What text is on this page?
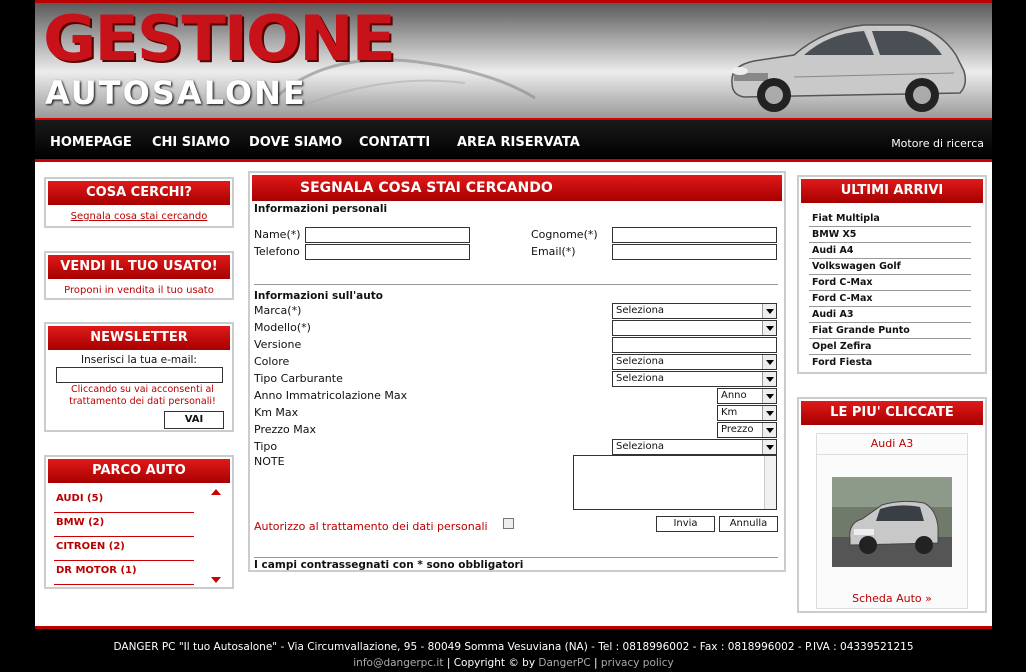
GESTIONE
AUTOSALONE
HOMEPAGE CHI SIAMO DOVE SIAMO CONTATTI AREA RISERVATA	Motore di ricerca
COSA CERCHI?
Segnala cosa stai cercando
VENDI IL TUO USATO!
Proponi in vendita il tuo usato
NEWSLETTER
Inserisci la tua e-mail:
Cliccando su vai acconsenti al trattamento dei dati personali!
VAI
PARCO AUTO
AUDI (5)
BMW (2)
CITROEN (2)
DR MOTOR (1)
SEGNALA COSA STAI CERCANDO
Informazioni personali
Name(*)	Cognome(*)
Telefono	Email(*)
Informazioni sull'auto
Marca(*)	Seleziona
Modello(*)
Versione
Colore	Seleziona
Tipo Carburante	Seleziona
Anno Immatricolazione Max	Anno
Km Max	Km
Prezzo Max	Prezzo
Tipo	Seleziona
NOTE
Autorizzo al trattamento dei dati personali	Invia	Annulla
I campi contrassegnati con * sono obbligatori
ULTIMI ARRIVI
Fiat Multipla
BMW X5
Audi A4
Volkswagen Golf
Ford C-Max
Ford C-Max
Audi A3
Fiat Grande Punto
Opel Zefira
Ford Fiesta
LE PIU' CLICCATE
Audi A3
Scheda Auto »
DANGER PC "Il tuo Autosalone" - Via Circumvallazione, 95 - 80049 Somma Vesuviana (NA) - Tel : 0818996002 - Fax : 0818996002 - P.IVA : 04339521215
info@dangerpc.it | Copyright © by DangerPC | privacy policy
